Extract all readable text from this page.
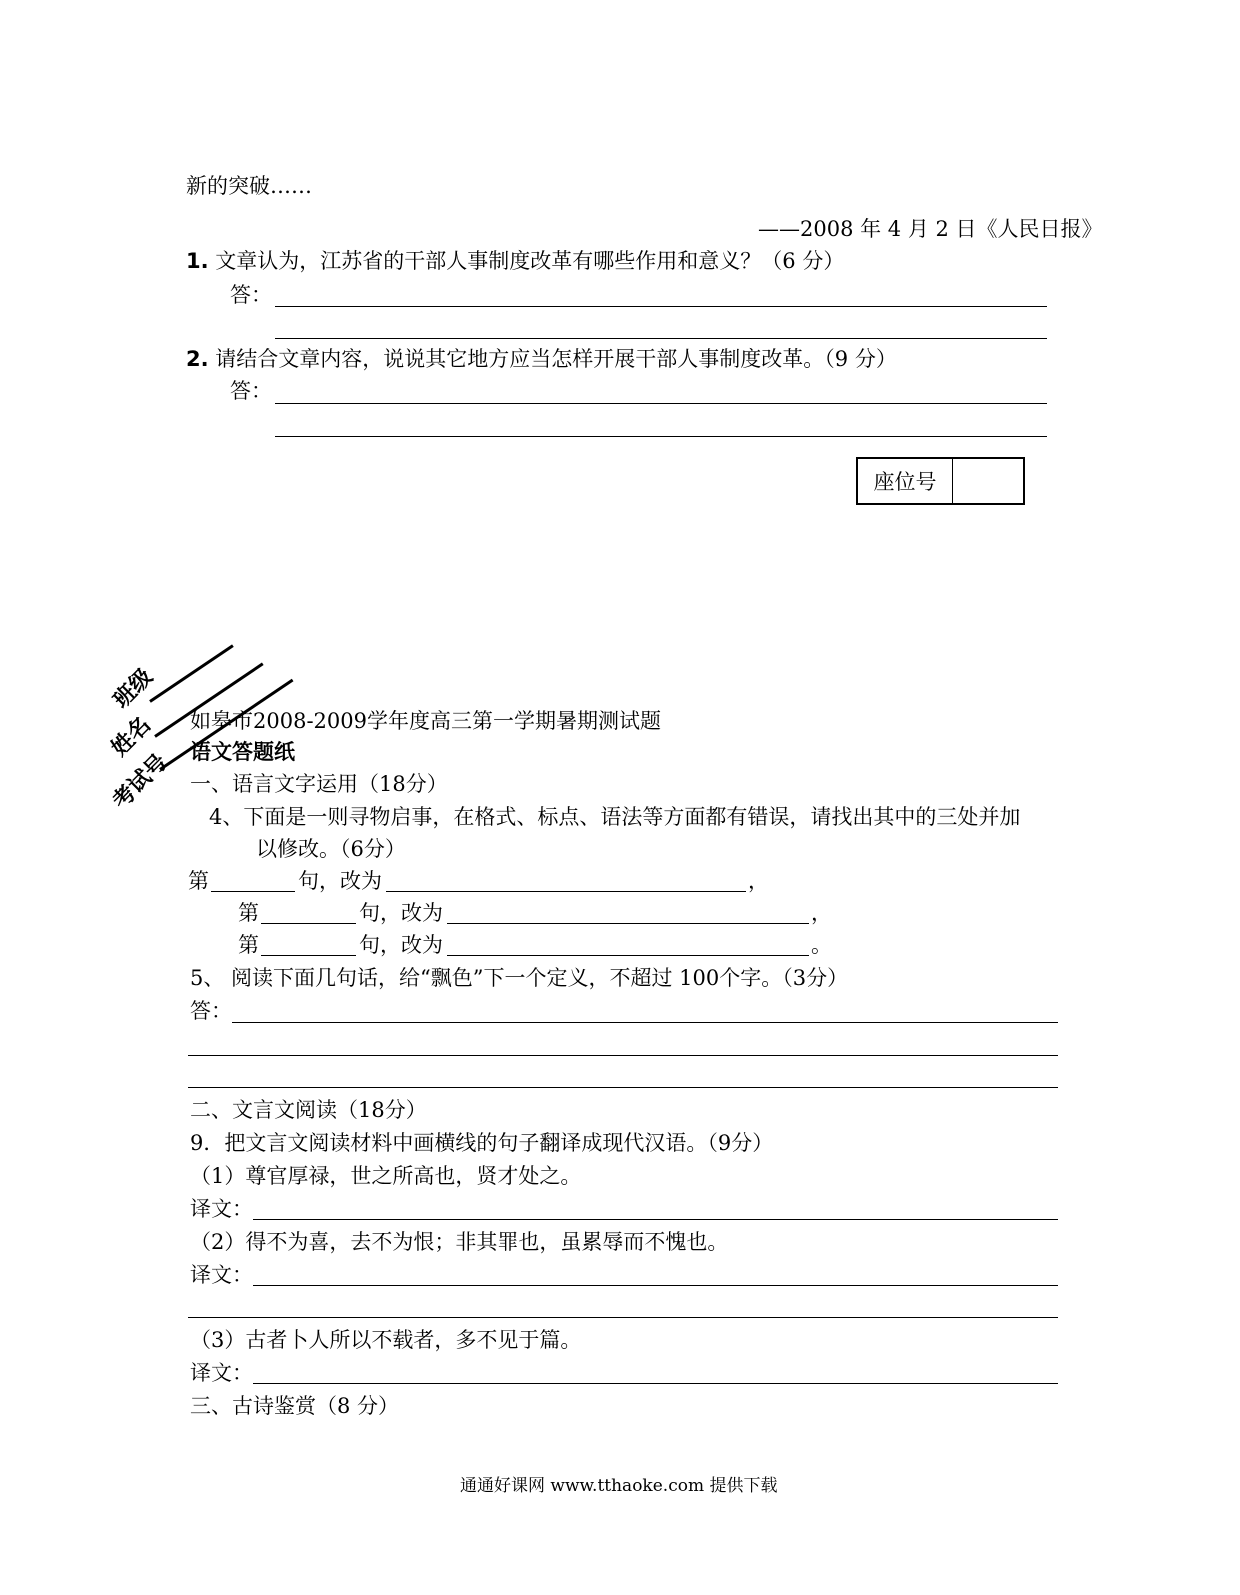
新的突破……
——2008 年 4 月 2 日《人民日报》
1. 文章认为，江苏省的干部人事制度改革有哪些作用和意义？（6 分）
答：
2. 请结合文章内容，说说其它地方应当怎样开展干部人事制度改革。（9 分）
答：
座位号
班级
姓名
考试号
如皋市2008-2009学年度高三第一学期暑期测试题
语文答题纸
一、语言文字运用（18分）
4、下面是一则寻物启事，在格式、标点、语法等方面都有错误，请找出其中的三处并加
以修改。（6分）
第	句，改为	，
第	句，改为	，
第	句，改为	。
5、 阅读下面几句话，给“飘色”下一个定义，不超过 100个字。（3分）
答：
二、文言文阅读（18分）
9．把文言文阅读材料中画横线的句子翻译成现代汉语。（9分）
（1）尊官厚禄，世之所高也，贤才处之。
译文：
（2）得不为喜，去不为恨；非其罪也，虽累辱而不愧也。
译文：
（3）古者卜人所以不载者，多不见于篇。
译文：
三、古诗鉴赏（8 分）
通通好课网 www.tthaoke.com 提供下载
